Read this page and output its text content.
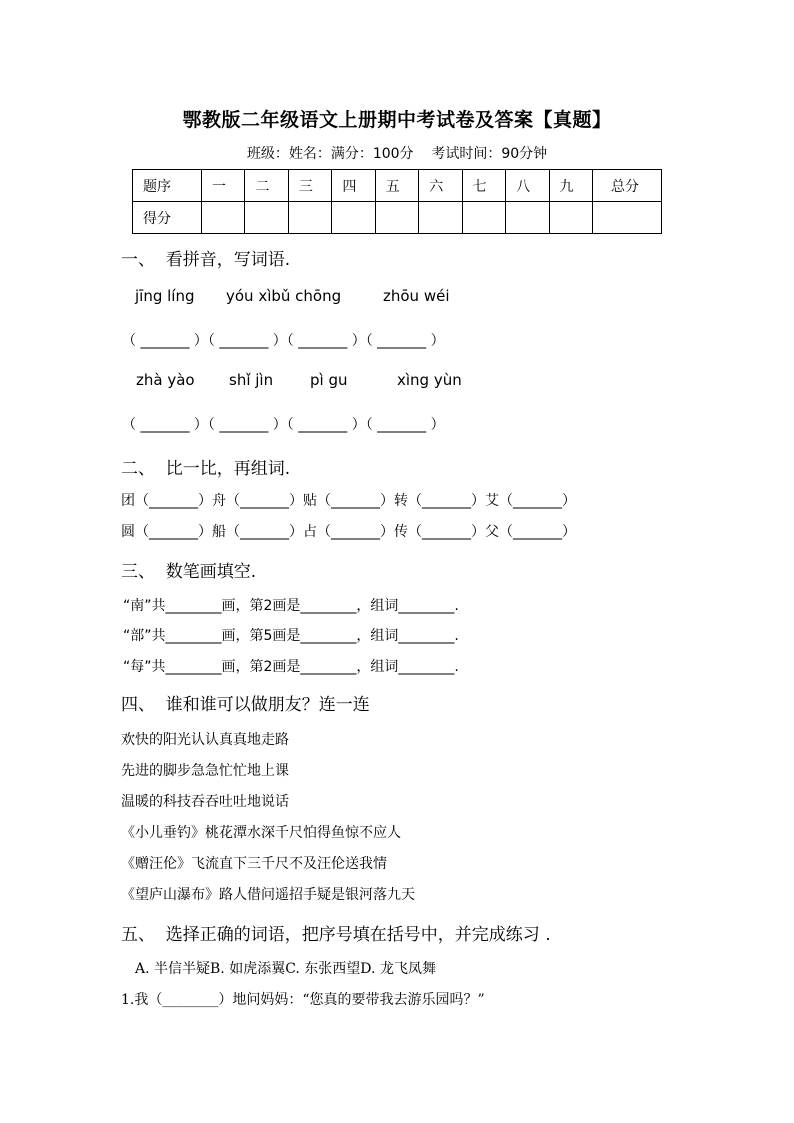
鄂教版二年级语文上册期中考试卷及答案【真题】
班级：姓名：满分：100分    考试时间：90分钟
题序	一	二	三	四	五	六	七	八	九	总分
得分										
一、  看拼音，写词语.
jīng líng yóu xìbǔ chōng	zhōu wéi
（ _______ ）（ _______ ）（ _______ ）（ _______ ）
zhà yào shǐ jìn pì gu	xìng yùn
（ _______ ）（ _______ ）（ _______ ）（ _______ ）
二、  比一比，再组词.
团（_______）舟（_______）贴（_______）转（_______）艾（_______）
圆（_______）船（_______）占（_______）传（_______）父（_______）
三、  数笔画填空.
“南”共________画，第2画是________，组词________.
“部”共________画，第5画是________，组词________.
“每”共________画，第2画是________，组词________.
四、  谁和谁可以做朋友？连一连
欢快的阳光认认真真地走路
先进的脚步急急忙忙地上课
温暖的科技吞吞吐吐地说话
《小儿垂钓》桃花潭水深千尺怕得鱼惊不应人
《赠汪伦》飞流直下三千尺不及汪伦送我情
《望庐山瀑布》路人借问遥招手疑是银河落九天
五、  选择正确的词语，把序号填在括号中，并完成练习 .
A. 半信半疑B. 如虎添翼C. 东张西望D. 龙飞凤舞
1.我（________）地问妈妈：“您真的要带我去游乐园吗？”
